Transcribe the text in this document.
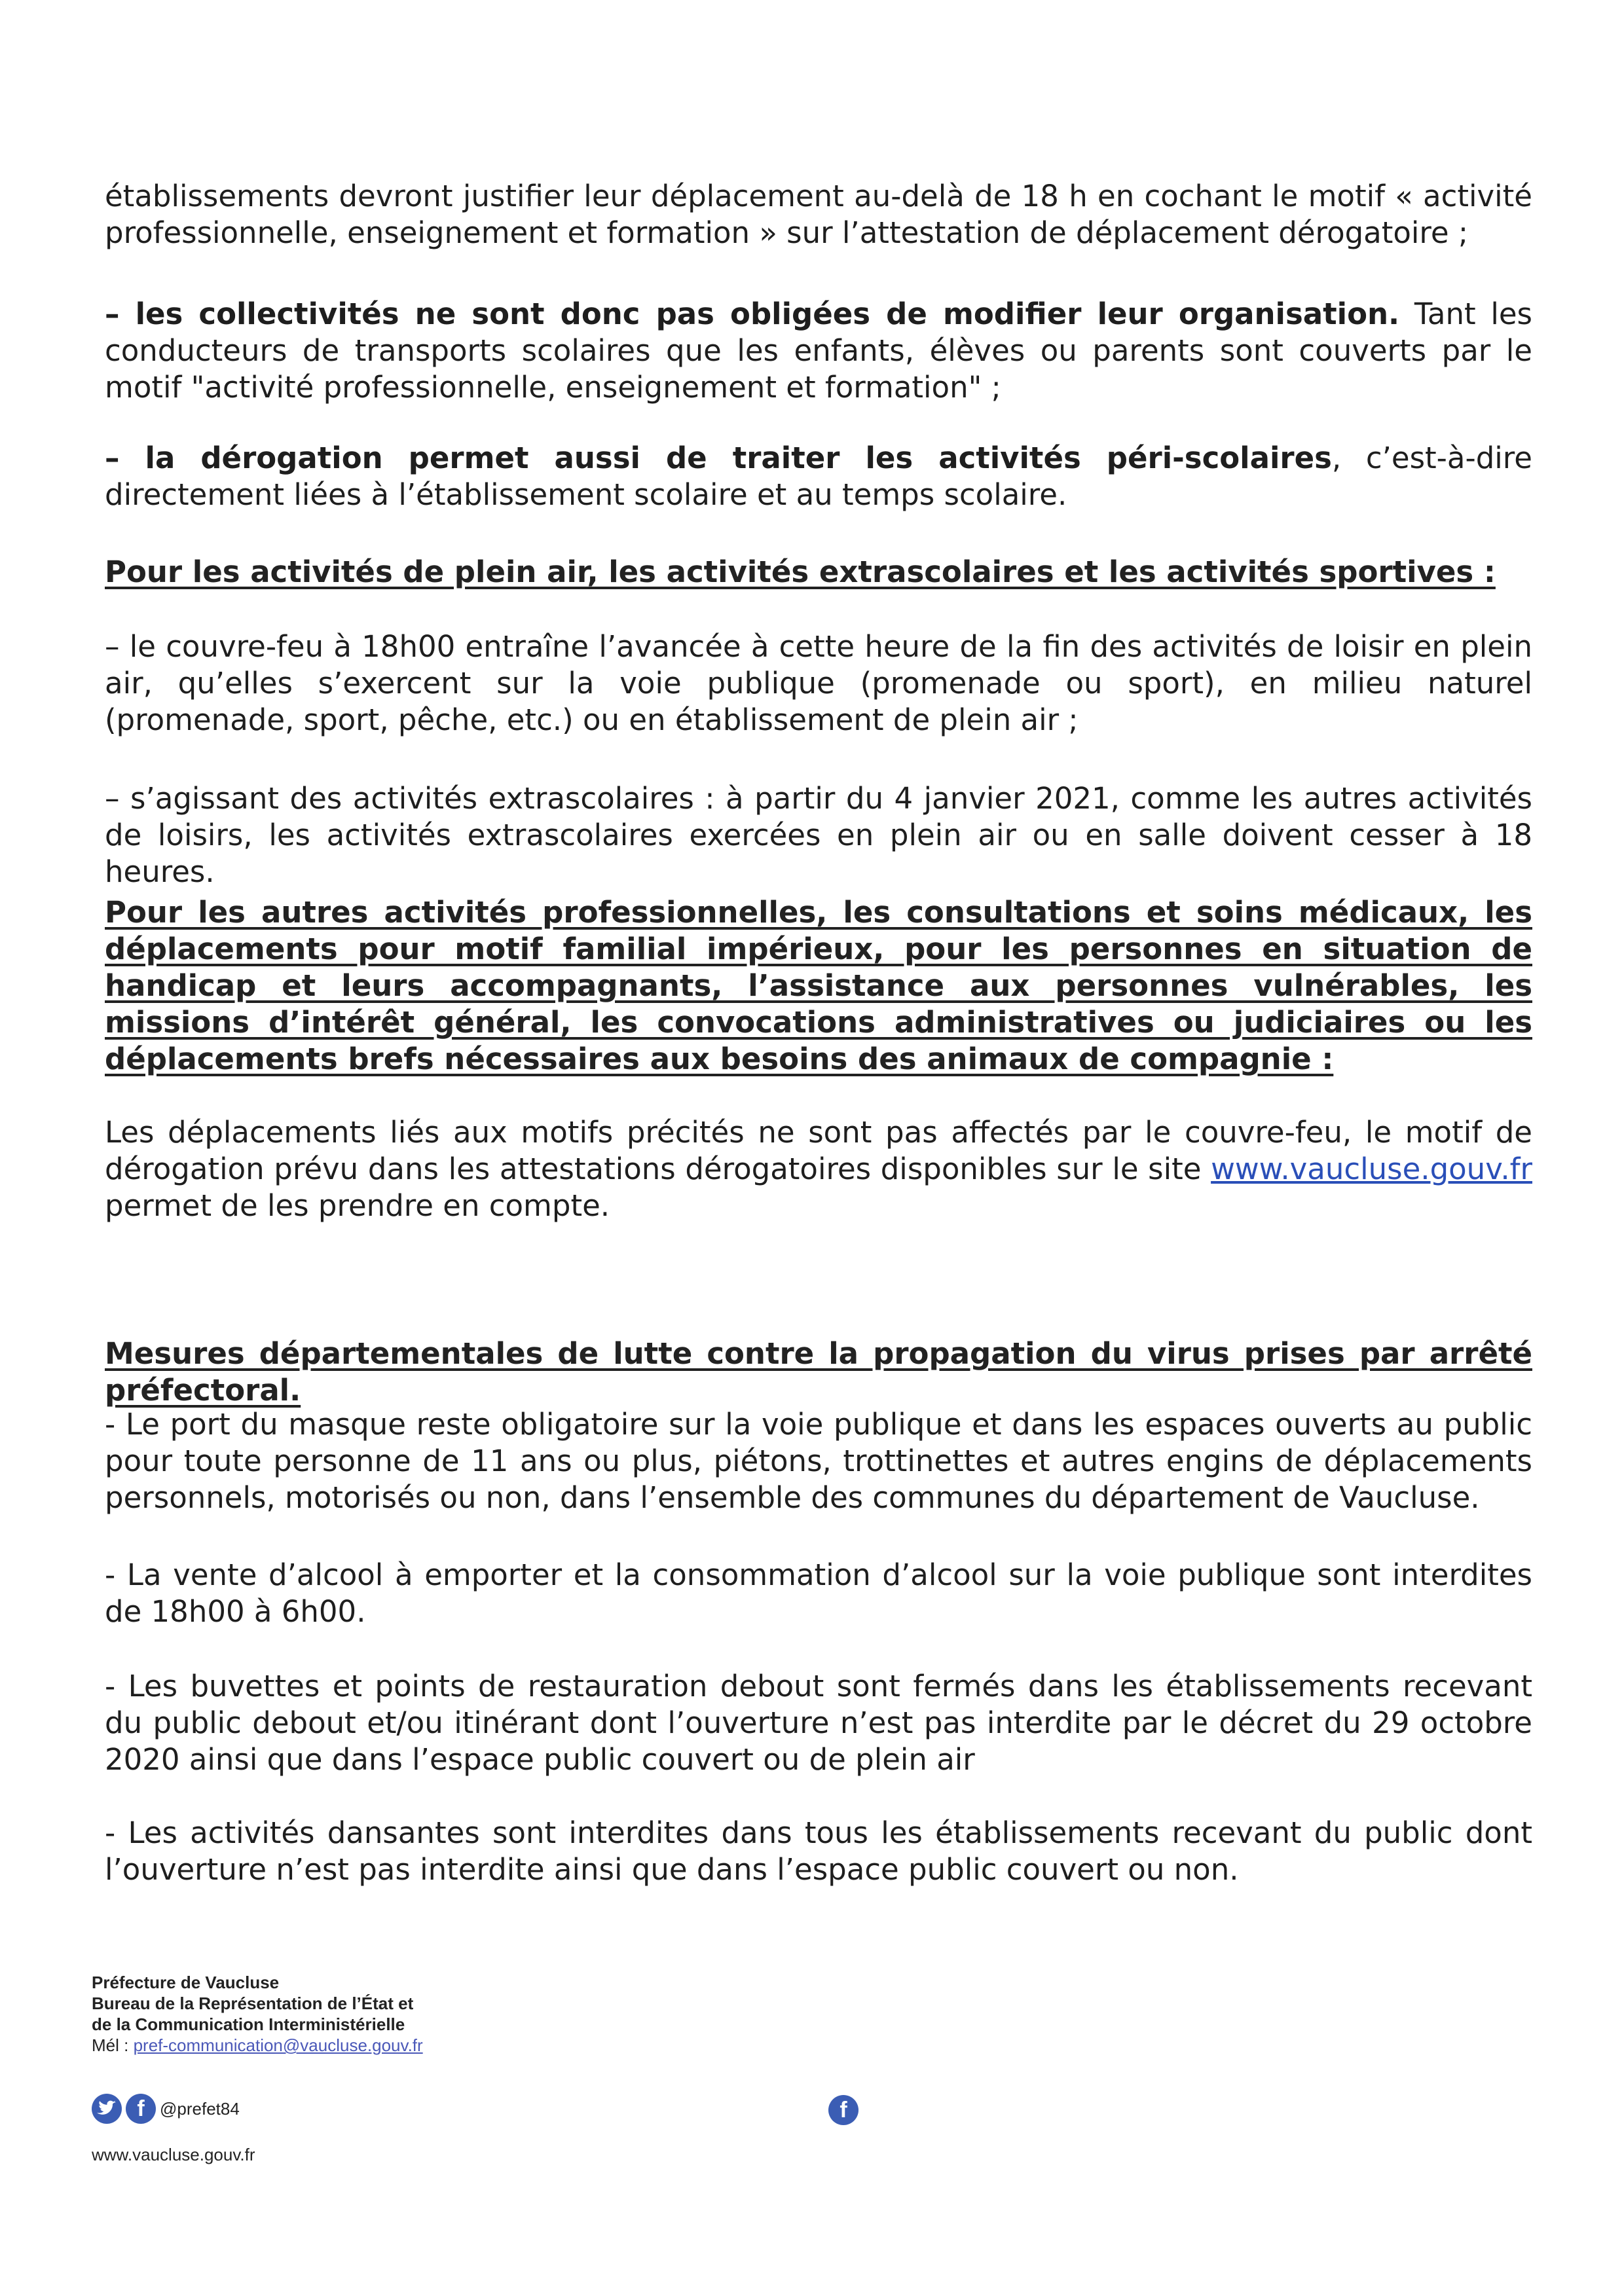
établissements devront justifier leur déplacement au-delà de 18 h en cochant le motif « activité professionnelle, enseignement et formation » sur l’attestation de déplacement dérogatoire ;

– les collectivités ne sont donc pas obligées de modifier leur organisation. Tant les conducteurs de transports scolaires que les enfants, élèves ou parents sont couverts par le motif "activité professionnelle, enseignement et formation" ;

– la dérogation permet aussi de traiter les activités péri-scolaires, c’est-à-dire directement liées à l’établissement scolaire et au temps scolaire.

Pour les activités de plein air, les activités extrascolaires et les activités sportives :

– le couvre-feu à 18h00 entraîne l’avancée à cette heure de la fin des activités de loisir en plein air, qu’elles s’exercent sur la voie publique (promenade ou sport), en milieu naturel (promenade, sport, pêche, etc.) ou en établissement de plein air ;

– s’agissant des activités extrascolaires : à partir du 4 janvier 2021, comme les autres activités de loisirs, les activités extrascolaires exercées en plein air ou en salle doivent cesser à 18 heures.

Pour les autres activités professionnelles, les consultations et soins médicaux, les déplacements pour motif familial impérieux, pour les personnes en situation de handicap et leurs accompagnants, l’assistance aux personnes vulnérables, les missions d’intérêt général, les convocations administratives ou judiciaires ou les déplacements brefs nécessaires aux besoins des animaux de compagnie :

Les déplacements liés aux motifs précités ne sont pas affectés par le couvre-feu, le motif de dérogation prévu dans les attestations dérogatoires disponibles sur le site www.vaucluse.gouv.fr permet de les prendre en compte.

Mesures départementales de lutte contre la propagation du virus prises par arrêté préfectoral.

- Le port du masque reste obligatoire sur la voie publique et dans les espaces ouverts au public pour toute personne de 11 ans ou plus, piétons, trottinettes et autres engins de déplacements personnels, motorisés ou non, dans l’ensemble des communes du département de Vaucluse.

- La vente d’alcool à emporter et la consommation d’alcool sur la voie publique sont interdites de 18h00 à 6h00.

- Les buvettes et points de restauration debout sont fermés dans les établissements recevant du public debout et/ou itinérant dont l’ouverture n’est pas interdite par le décret du 29 octobre 2020 ainsi que dans l’espace public couvert ou de plein air

- Les activités dansantes sont interdites dans tous les établissements recevant du public dont l’ouverture n’est pas interdite ainsi que dans l’espace public couvert ou non.

Préfecture de Vaucluse
Bureau de la Représentation de l’État et
de la Communication Interministérielle
Mél : pref-communication@vaucluse.gouv.fr
f @prefet84	f
www.vaucluse.gouv.fr
